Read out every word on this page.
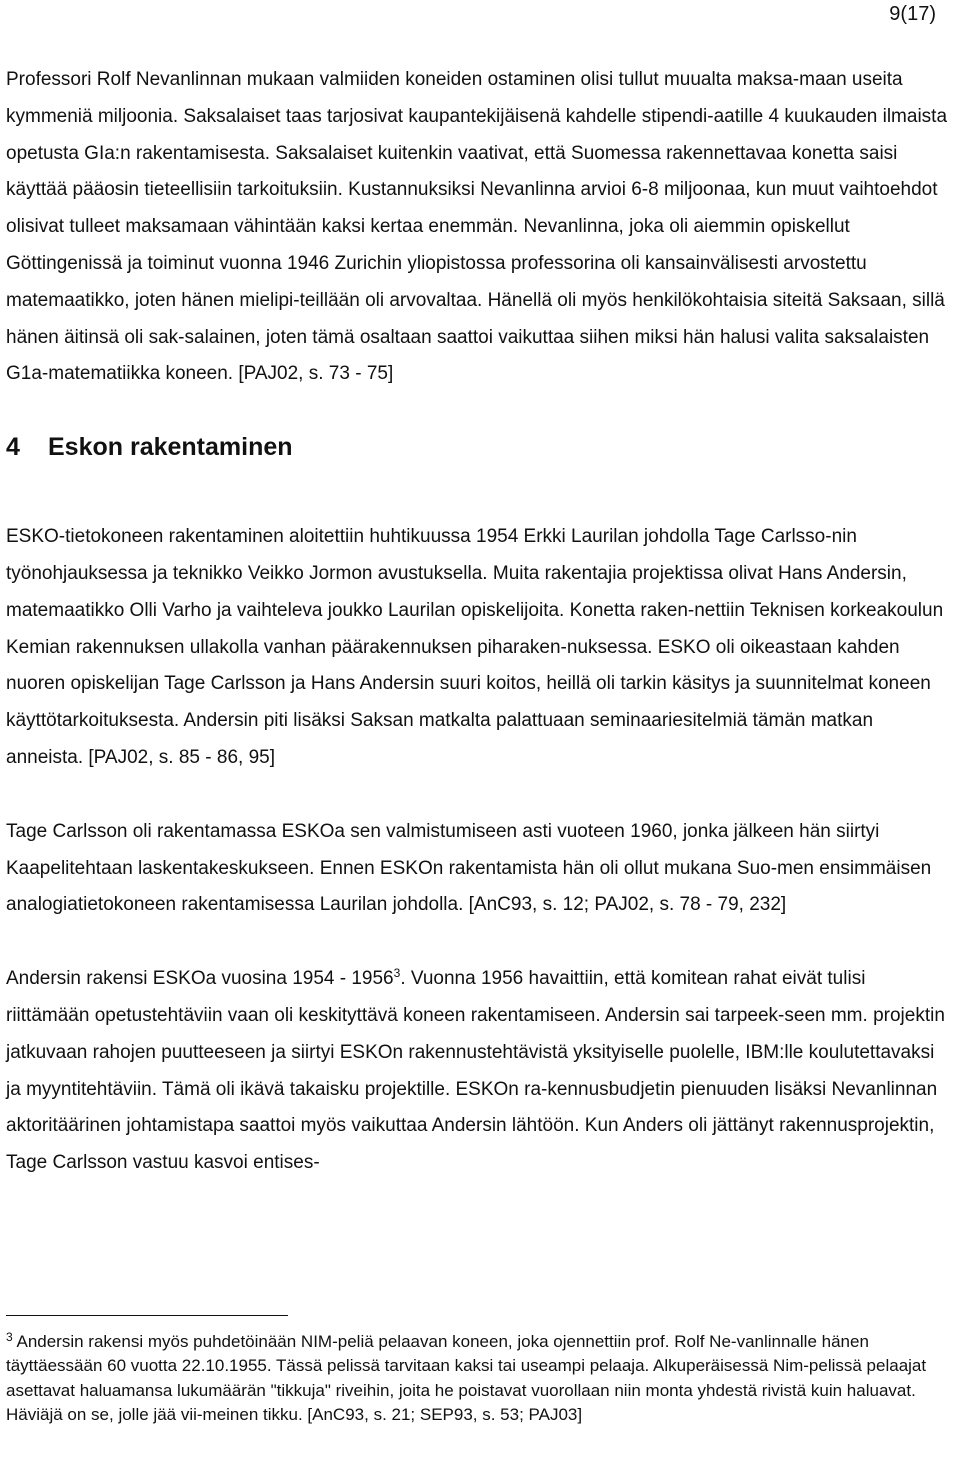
9(17)

Professori Rolf Nevanlinnan mukaan valmiiden koneiden ostaminen olisi tullut muualta maksa-maan useita kymmeniä miljoonia. Saksalaiset taas tarjosivat kaupantekijäisenä kahdelle stipendi-aatille 4 kuukauden ilmaista opetusta GIa:n rakentamisesta. Saksalaiset kuitenkin vaativat, että Suomessa rakennettavaa konetta saisi käyttää pääosin tieteellisiin tarkoituksiin. Kustannuksiksi Nevanlinna arvioi 6-8 miljoonaa, kun muut vaihtoehdot olisivat tulleet maksamaan vähintään kaksi kertaa enemmän. Nevanlinna, joka oli aiemmin opiskellut Göttingenissä ja toiminut vuonna 1946 Zurichin yliopistossa professorina oli kansainvälisesti arvostettu matemaatikko, joten hänen mielipi-teillään oli arvovaltaa. Hänellä oli myös henkilökohtaisia siteitä Saksaan, sillä hänen äitinsä oli sak-salainen, joten tämä osaltaan saattoi vaikuttaa siihen miksi hän halusi valita saksalaisten G1a-matematiikka koneen. [PAJ02, s. 73 - 75]

4 Eskon rakentaminen

ESKO-tietokoneen rakentaminen aloitettiin huhtikuussa 1954 Erkki Laurilan johdolla Tage Carlsso-nin työnohjauksessa ja teknikko Veikko Jormon avustuksella. Muita rakentajia projektissa olivat Hans Andersin, matemaatikko Olli Varho ja vaihteleva joukko Laurilan opiskelijoita. Konetta raken-nettiin Teknisen korkeakoulun Kemian rakennuksen ullakolla vanhan päärakennuksen piharaken-nuksessa. ESKO oli oikeastaan kahden nuoren opiskelijan Tage Carlsson ja Hans Andersin suuri koitos, heillä oli tarkin käsitys ja suunnitelmat koneen käyttötarkoituksesta. Andersin piti lisäksi Saksan matkalta palattuaan seminaariesitelmiä tämän matkan anneista. [PAJ02, s. 85 - 86, 95]

Tage Carlsson oli rakentamassa ESKOa sen valmistumiseen asti vuoteen 1960, jonka jälkeen hän siirtyi Kaapelitehtaan laskentakeskukseen. Ennen ESKOn rakentamista hän oli ollut mukana Suo-men ensimmäisen analogiatietokoneen rakentamisessa Laurilan johdolla. [AnC93, s. 12; PAJ02, s. 78 - 79, 232]

Andersin rakensi ESKOa vuosina 1954 - 1956$^3$. Vuonna 1956 havaittiin, että komitean rahat eivät tulisi riittämään opetustehtäviin vaan oli keskityttävä koneen rakentamiseen. Andersin sai tarpeek-seen mm. projektin jatkuvaan rahojen puutteeseen ja siirtyi ESKOn rakennustehtävistä yksityiselle puolelle, IBM:lle koulutettavaksi ja myyntitehtäviin. Tämä oli ikävä takaisku projektille. ESKOn ra-kennusbudjetin pienuuden lisäksi Nevanlinnan aktoritäärinen johtamistapa saattoi myös vaikuttaa Andersin lähtöön. Kun Anders oli jättänyt rakennusprojektin, Tage Carlsson vastuu kasvoi entises-

$^3$ Andersin rakensi myös puhdetöinään NIM-peliä pelaavan koneen, joka ojennettiin prof. Rolf Ne-vanlinnalle hänen täyttäessään 60 vuotta 22.10.1955. Tässä pelissä tarvitaan kaksi tai useampi pelaaja. Alkuperäisessä Nim-pelissä pelaajat asettavat haluamansa lukumäärän "tikkuja" riveihin, joita he poistavat vuorollaan niin monta yhdestä rivistä kuin haluavat. Häviäjä on se, jolle jää vii-meinen tikku. [AnC93, s. 21; SEP93, s. 53; PAJ03]
